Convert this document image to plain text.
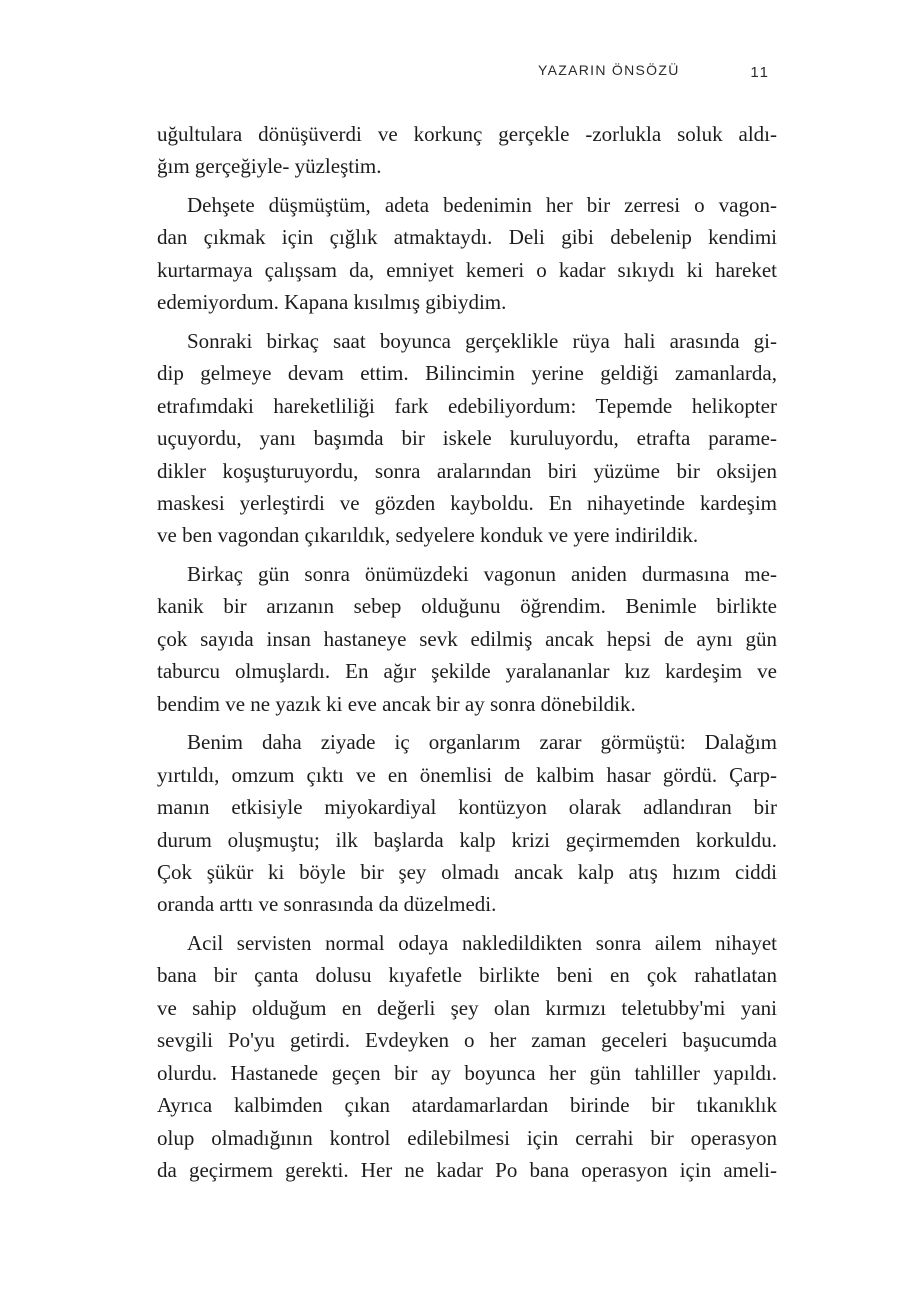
YAZARIN ÖNSÖZÜ	11
uğultulara dönüşüverdi ve korkunç gerçekle -zorlukla soluk aldı-
ğım gerçeğiyle- yüzleştim.
Dehşete düşmüştüm, adeta bedenimin her bir zerresi o vagon-
dan çıkmak için çığlık atmaktaydı. Deli gibi debelenip kendimi
kurtarmaya çalışsam da, emniyet kemeri o kadar sıkıydı ki hareket
edemiyordum. Kapana kısılmış gibiydim.
Sonraki birkaç saat boyunca gerçeklikle rüya hali arasında gi-
dip gelmeye devam ettim. Bilincimin yerine geldiği zamanlarda,
etrafımdaki hareketliliği fark edebiliyordum: Tepemde helikopter
uçuyordu, yanı başımda bir iskele kuruluyordu, etrafta parame-
dikler koşuşturuyordu, sonra aralarından biri yüzüme bir oksijen
maskesi yerleştirdi ve gözden kayboldu. En nihayetinde kardeşim
ve ben vagondan çıkarıldık, sedyelere konduk ve yere indirildik.
Birkaç gün sonra önümüzdeki vagonun aniden durmasına me-
kanik bir arızanın sebep olduğunu öğrendim. Benimle birlikte
çok sayıda insan hastaneye sevk edilmiş ancak hepsi de aynı gün
taburcu olmuşlardı. En ağır şekilde yaralananlar kız kardeşim ve
bendim ve ne yazık ki eve ancak bir ay sonra dönebildik.
Benim daha ziyade iç organlarım zarar görmüştü: Dalağım
yırtıldı, omzum çıktı ve en önemlisi de kalbim hasar gördü. Çarp-
manın etkisiyle miyokardiyal kontüzyon olarak adlandıran bir
durum oluşmuştu; ilk başlarda kalp krizi geçirmemden korkuldu.
Çok şükür ki böyle bir şey olmadı ancak kalp atış hızım ciddi
oranda arttı ve sonrasında da düzelmedi.
Acil servisten normal odaya nakledildikten sonra ailem nihayet
bana bir çanta dolusu kıyafetle birlikte beni en çok rahatlatan
ve sahip olduğum en değerli şey olan kırmızı teletubby'mi yani
sevgili Po'yu getirdi. Evdeyken o her zaman geceleri başucumda
olurdu. Hastanede geçen bir ay boyunca her gün tahliller yapıldı.
Ayrıca kalbimden çıkan atardamarlardan birinde bir tıkanıklık
olup olmadığının kontrol edilebilmesi için cerrahi bir operasyon
da geçirmem gerekti. Her ne kadar Po bana operasyon için ameli-
